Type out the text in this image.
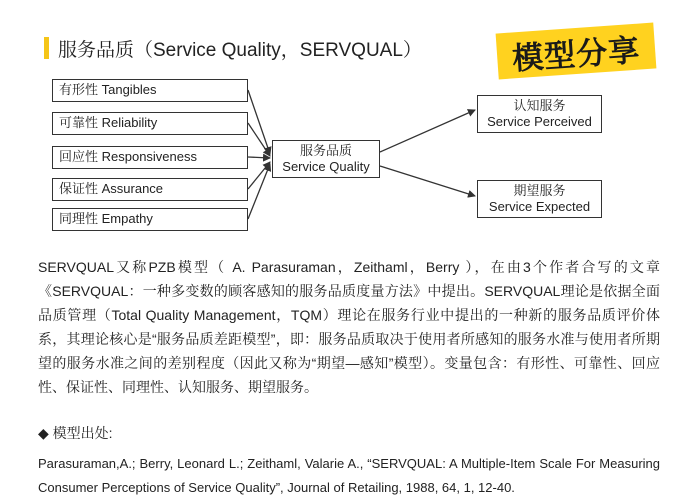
服务品质（Service Quality，SERVQUAL）	模型分享
有形性 Tangibles
可靠性 Reliability
回应性 Responsiveness
保证性 Assurance
同理性 Empathy
服务品质
Service Quality
认知服务
Service Perceived
期望服务
Service Expected

SERVQUAL又称PZB模型（ A. Parasuraman，Zeithaml，Berry ），在由3个作者合写的文章《SERVQUAL：一种多变数的顾客感知的服务品质度量方法》中提出。SERVQUAL理论是依据全面品质管理（Total Quality Management，TQM）理论在服务行业中提出的一种新的服务品质评价体系，其理论核心是“服务品质差距模型”，即：服务品质取决于使用者所感知的服务水准与使用者所期望的服务水准之间的差别程度（因此又称为“期望—感知”模型）。变量包含：有形性、可靠性、回应性、保证性、同理性、认知服务、期望服务。

◆ 模型出处:
Parasuraman,A.; Berry, Leonard L.; Zeithaml, Valarie A., “SERVQUAL: A Multiple-Item Scale For Measuring Consumer Perceptions of Service Quality”, Journal of Retailing, 1988, 64, 1, 12-40.
